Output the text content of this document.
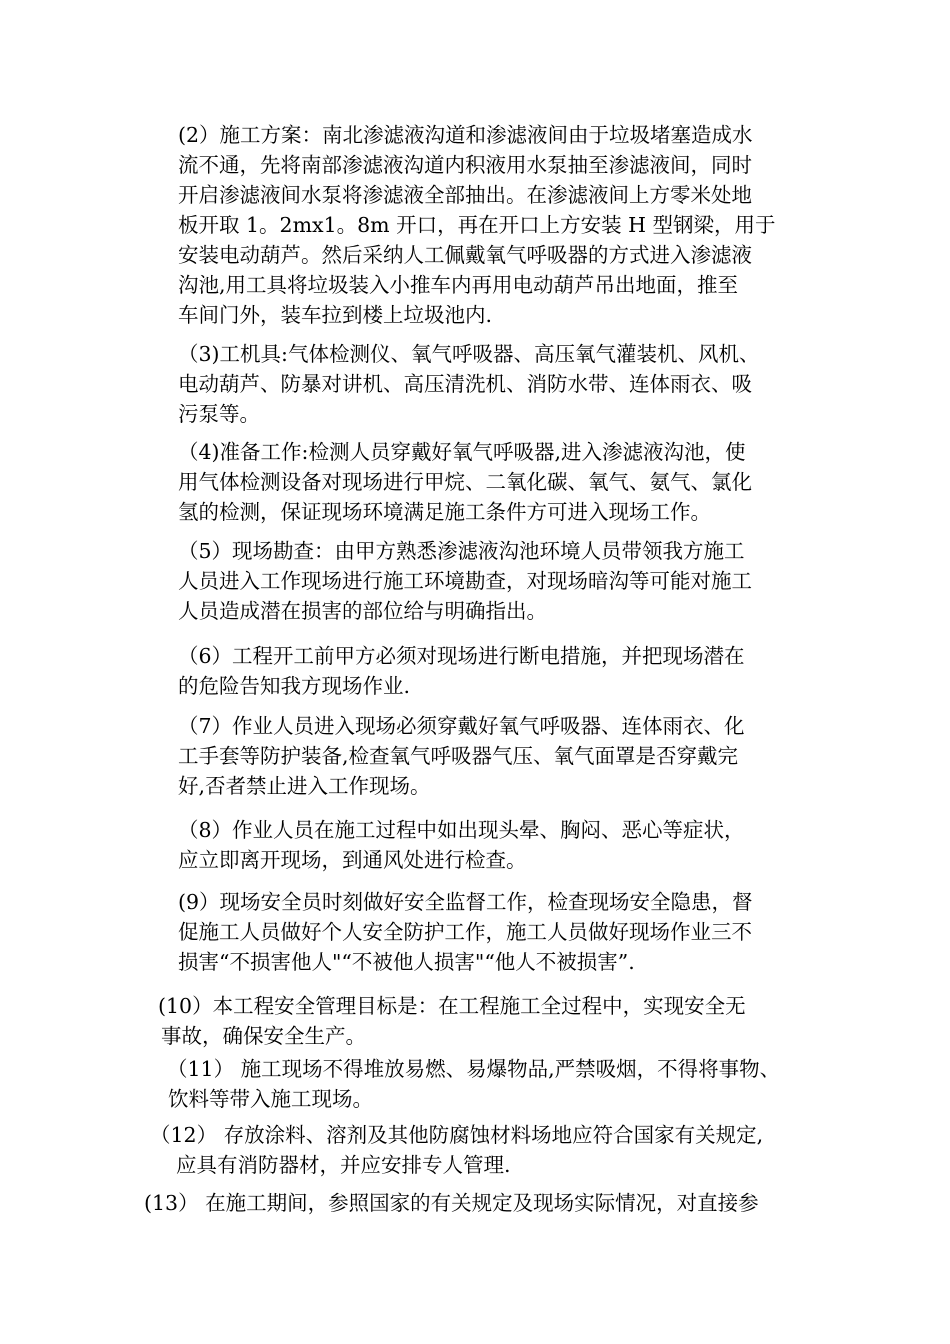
(2）施工方案：南北渗滤液沟道和渗滤液间由于垃圾堵塞造成水
流不通，先将南部渗滤液沟道内积液用水泵抽至渗滤液间，同时
开启渗滤液间水泵将渗滤液全部抽出。在渗滤液间上方零米处地
板开取 1。2mx1。8m 开口，再在开口上方安装 H 型钢梁，用于
安装电动葫芦。然后采纳人工佩戴氧气呼吸器的方式进入渗滤液
沟池,用工具将垃圾装入小推车内再用电动葫芦吊出地面，推至
车间门外，装车拉到楼上垃圾池内.
（3)工机具:气体检测仪、氧气呼吸器、高压氧气灌装机、风机、
电动葫芦、防暴对讲机、高压清洗机、消防水带、连体雨衣、吸
污泵等。
（4)准备工作:检测人员穿戴好氧气呼吸器,进入渗滤液沟池，使
用气体检测设备对现场进行甲烷、二氧化碳、氧气、氨气、氯化
氢的检测，保证现场环境满足施工条件方可进入现场工作。
（5）现场勘查：由甲方熟悉渗滤液沟池环境人员带领我方施工
人员进入工作现场进行施工环境勘查，对现场暗沟等可能对施工
人员造成潜在损害的部位给与明确指出。
（6）工程开工前甲方必须对现场进行断电措施，并把现场潜在
的危险告知我方现场作业.
（7）作业人员进入现场必须穿戴好氧气呼吸器、连体雨衣、化
工手套等防护装备,检查氧气呼吸器气压、氧气面罩是否穿戴完
好,否者禁止进入工作现场。
（8）作业人员在施工过程中如出现头晕、胸闷、恶心等症状，
应立即离开现场，到通风处进行检查。
(9）现场安全员时刻做好安全监督工作，检查现场安全隐患，督
促施工人员做好个人安全防护工作，施工人员做好现场作业三不
损害“不损害他人"“不被他人损害"“他人不被损害”.
(10）本工程安全管理目标是：在工程施工全过程中，实现安全无
事故，确保安全生产。
（11） 施工现场不得堆放易燃、易爆物品,严禁吸烟，不得将事物、
饮料等带入施工现场。
（12） 存放涂料、溶剂及其他防腐蚀材料场地应符合国家有关规定,
应具有消防器材，并应安排专人管理.
(13） 在施工期间，参照国家的有关规定及现场实际情况，对直接参
